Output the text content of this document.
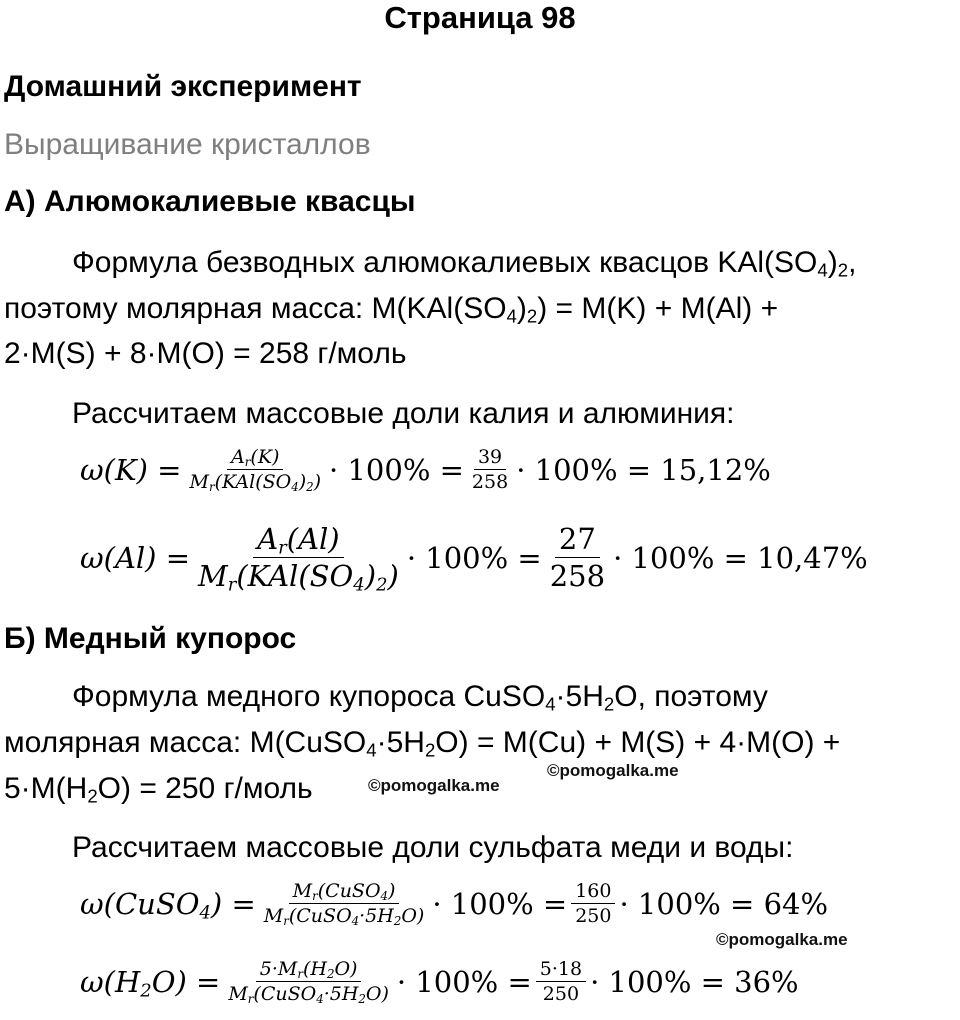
Страница 98
Домашний эксперимент
Выращивание кристаллов
А) Алюмокалиевые квасцы
Формула безводных алюмокалиевых квасцов $KAl(SO_4)_2$,
поэтому молярная масса: $M(KAl(SO_4)_2) = M(K) + M(Al)$ +
2·M(S) + 8·M(O) = 258 г/моль
Рассчитаем массовые доли калия и алюминия:
$\omega(K) = \frac{A_r(K)}{M_r(KAl(SO_4)_2)} \cdot 100\% = \frac{39}{258} \cdot 100\% = 15,12\%$
$\omega(Al) = \frac{A_r(Al)}{M_r(KAl(SO_4)_2)} \cdot 100\% = \frac{27}{258} \cdot 100\% = 10,47\%$
Б) Медный купорос
Формула медного купороса $CuSO_4\cdot 5H_2O$, поэтому
молярная масса: $M(CuSO_4\cdot 5H_2O) = M(Cu) + M(S) + 4\cdot M(O)$ +
$5\cdot M(H_2O) = 250$ г/моль	©pomogalka.me
©pomogalka.me
Рассчитаем массовые доли сульфата меди и воды:
ω(CuSO$_4$) = $\frac{M_r(CuSO_4)}{M_r(CuSO_4\cdot 5H_2O)} \cdot 100\% = \frac{160}{250} \cdot 100\% = 64\%$
©pomogalka.me
$\omega(H_2O) = \frac{5\cdot M_r(H_2O)}{M_r(CuSO_4\cdot 5H_2O)} \cdot 100\% = \frac{5\cdot 18}{250} \cdot 100\% = 36\%$
